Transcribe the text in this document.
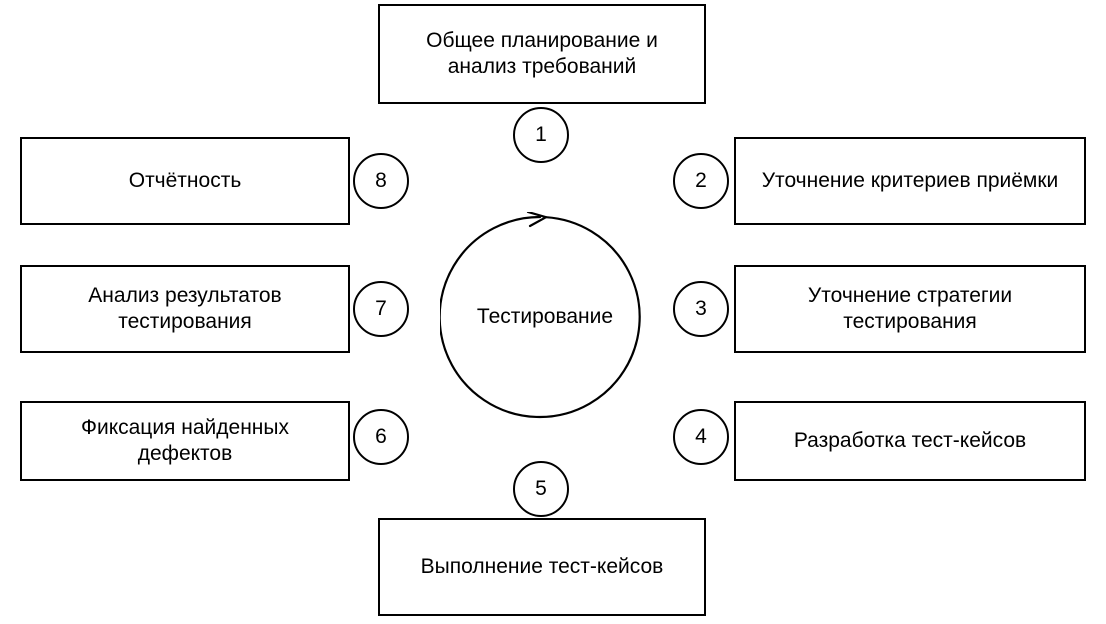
Общее планирование и анализ требований
1
Уточнение критериев приёмки
2
Уточнение стратегии тестирования
3
Разработка тест-кейсов
4
Выполнение тест-кейсов
5
Фиксация найденных дефектов
6
Анализ результатов тестирования
7
Отчётность	8
Тестирование
